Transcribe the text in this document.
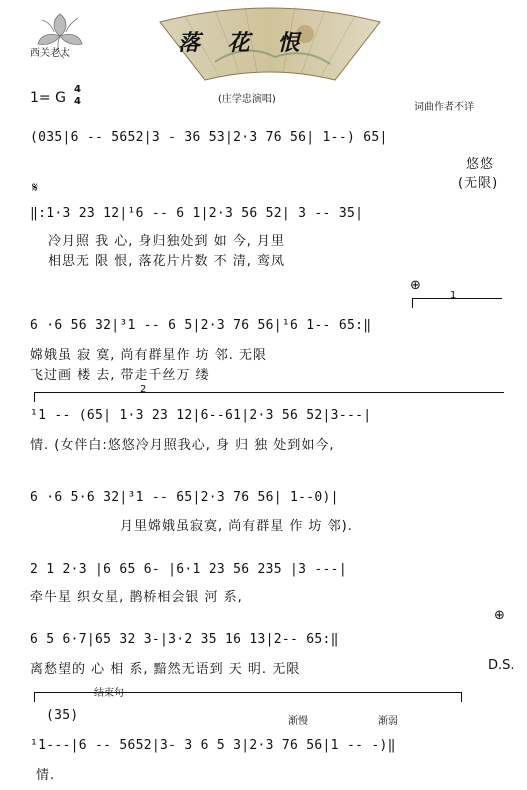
西关老太	落 花 恨
1= G
4
4	(庄学忠演唱)
词曲作者不详
(035|6 -- 5652|3 - 36 53|2·3 76 56| 1--) 65|
悠悠
(无限)
𝄋
‖:1·3 23 12|¹6 -- 6 1|2·3 56 52| 3 -- 35|
冷月照 我 心, 身归独处到 如 今, 月里
相思无 限 恨, 落花片片数 不 清, 鸾凤
⊕
1
6 ·6 56 32|³1 -- 6 5|2·3 76 56|¹6 1-- 65:‖
嫦娥虽 寂 寞, 尚有群星作 坊 邻. 无限
飞过画 楼 去, 带走千丝万 缕
2
¹1 -- (65| 1·3 23 12|6--61|2·3 56 52|3---|
情. (女伴白:悠悠冷月照我心, 身 归 独 处到如今,
6 ·6 5·6 32|³1 -- 65|2·3 76 56| 1--0)|
月里嫦娥虽寂寞, 尚有群星 作 坊 邻).
2 1 2·3 |6 65 6- |6·1 23 56 235 |3 ---|
牵牛星 织女星, 鹊桥相会银 河 系,
⊕
6 5 6·7|65 32 3-|3·2 35 16 13|2-- 65:‖
离愁望的 心 相 系, 黯然无语到 天 明. 无限	D.S.
结束句
(35)	渐慢	渐弱
¹1---|6 -- 5652|3- 3 6 5 3|2·3 76 56|1 -- -)‖
情.
